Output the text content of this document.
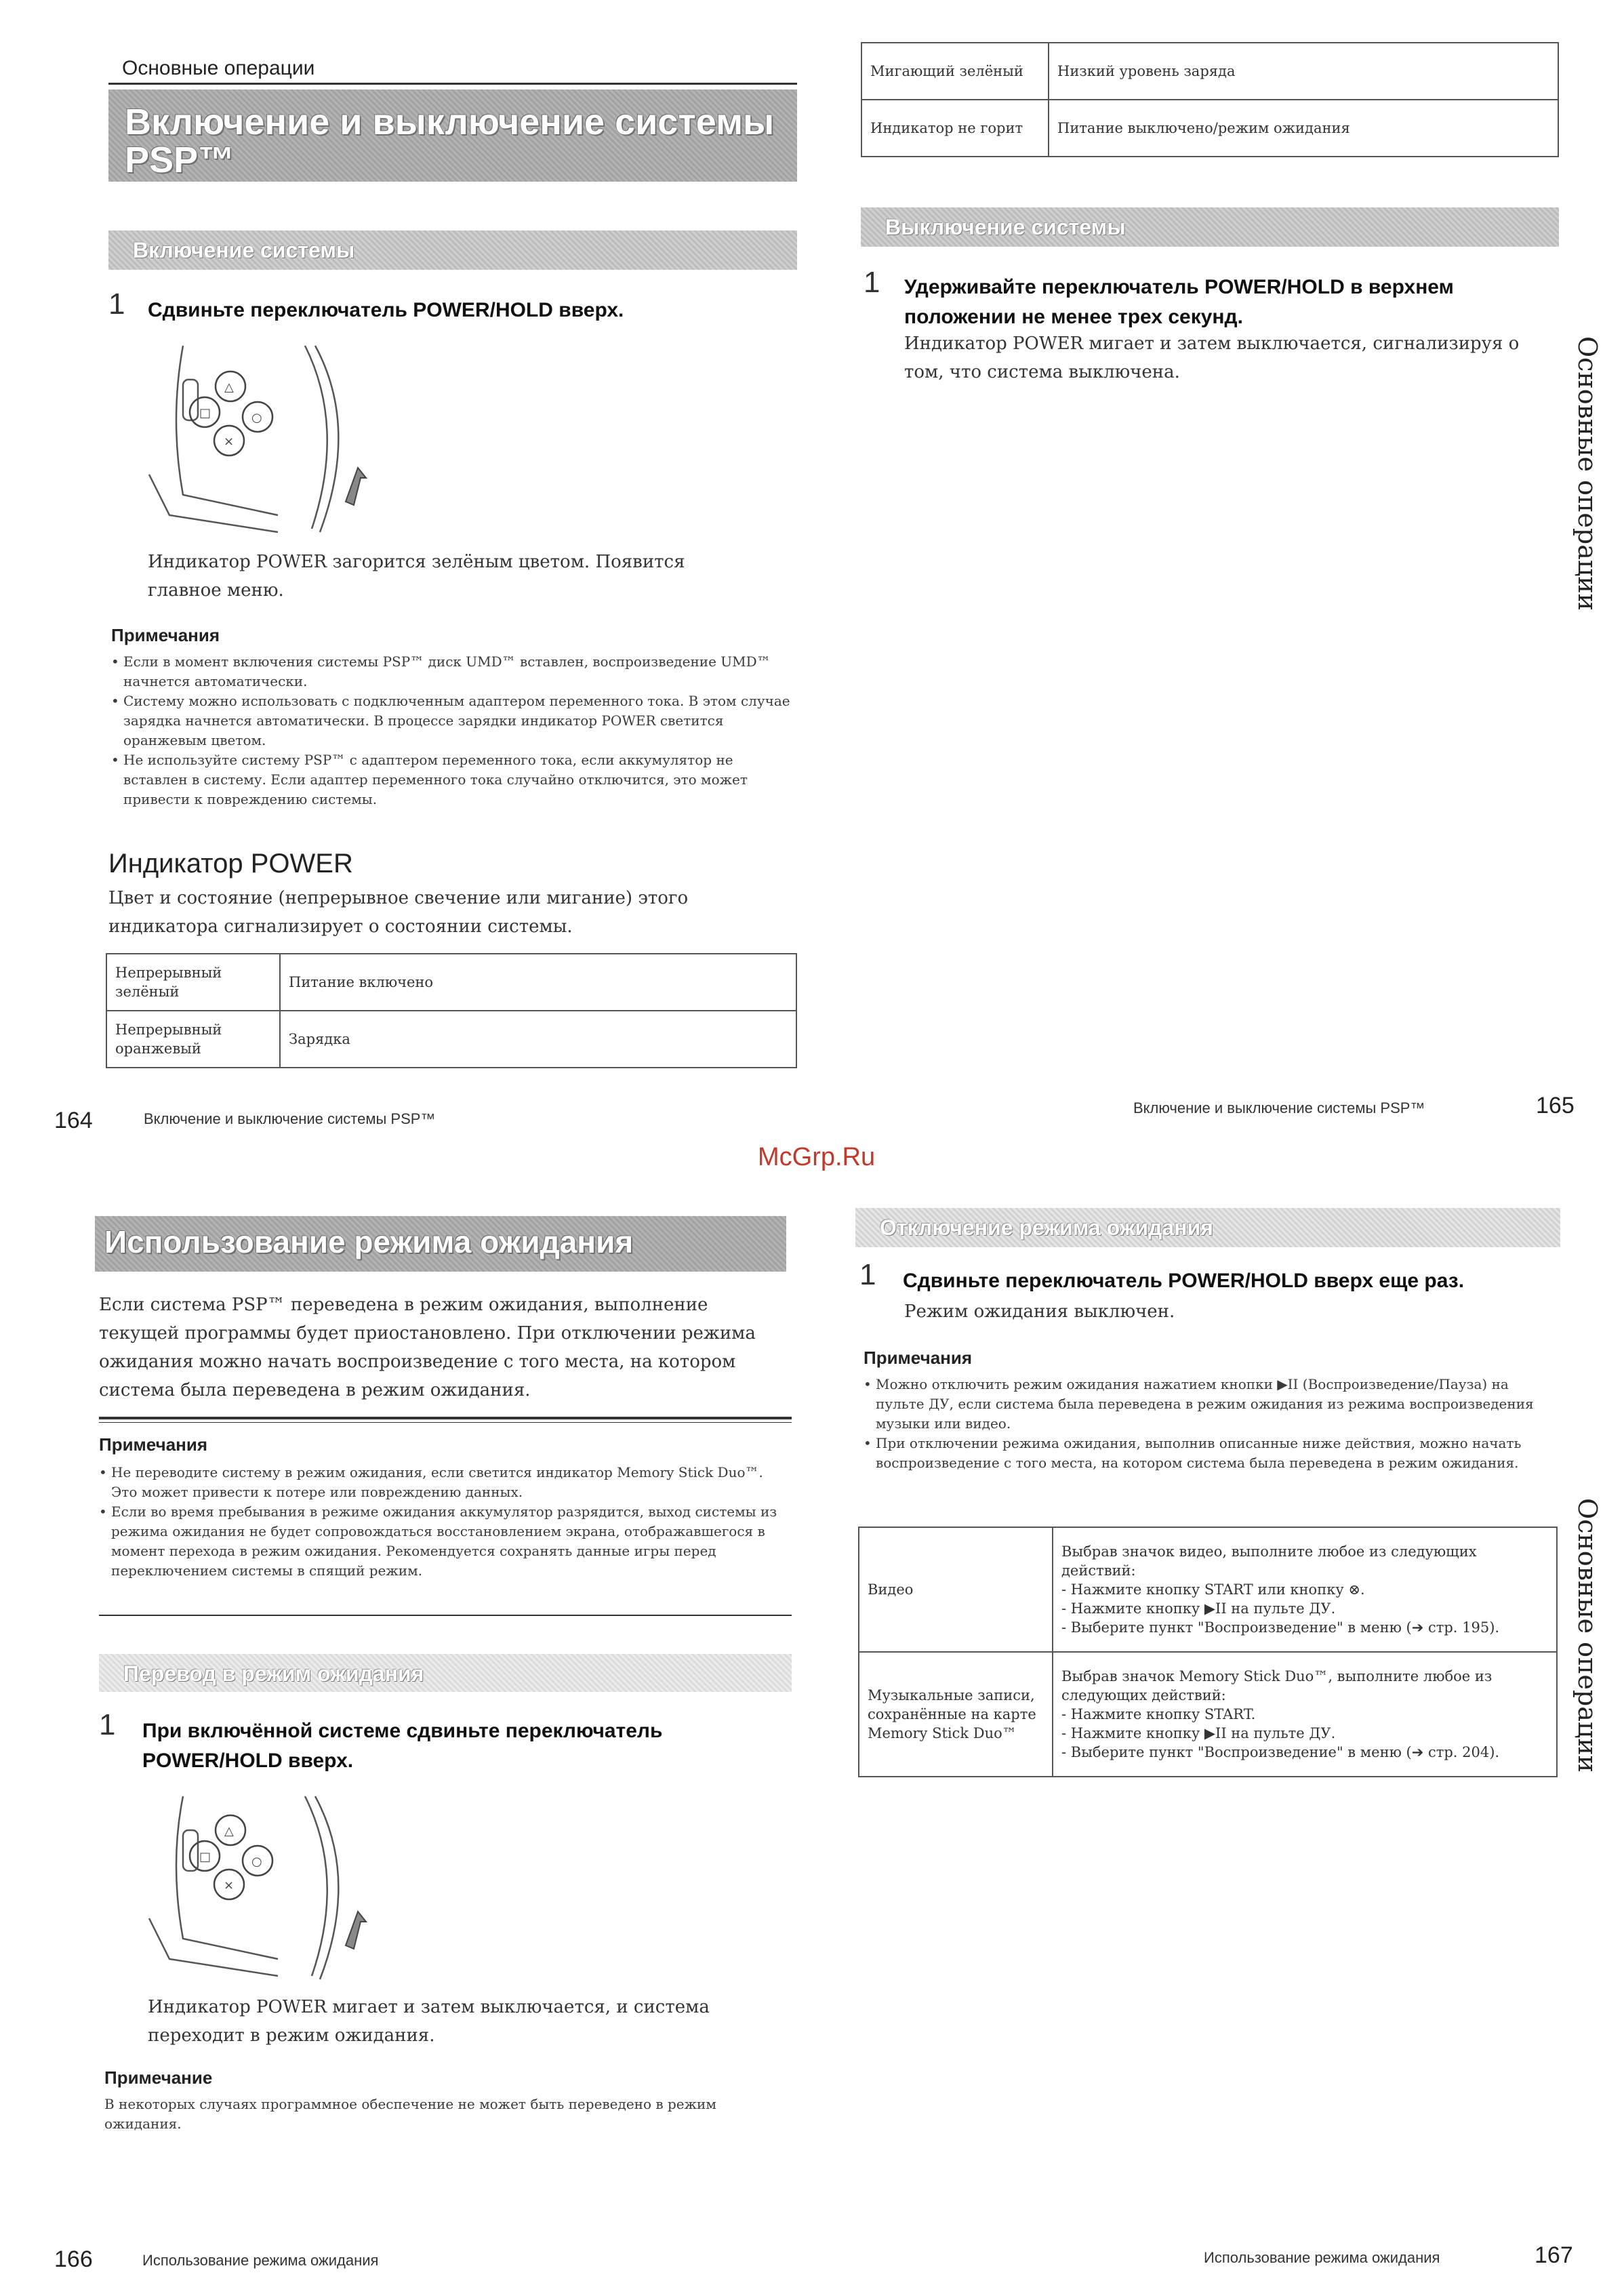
McGrp.Ru
Основные операции
Включение и выключение системы PSP™
Включение системы
1 Сдвиньте переключатель POWER/HOLD вверх.
△
□	○
×
Индикатор POWER загорится зелёным цветом. Появится главное меню.
Примечания

• Если в момент включения системы PSP™ диск UMD™ вставлен, воспроизведение UMD™ начнется автоматически.

• Систему можно использовать с подключенным адаптером переменного тока. В этом случае зарядка начнется автоматически. В процессе зарядки индикатор POWER светится оранжевым цветом.

• Не используйте систему PSP™ с адаптером переменного тока, если аккумулятор не вставлен в систему. Если адаптер переменного тока случайно отключится, это может привести к повреждению системы.

Индикатор POWER
Цвет и состояние (непрерывное свечение или мигание) этого индикатора сигнализирует о состоянии системы.
Непрерывный зелёный	Питание включено
Непрерывный оранжевый	Зарядка
164	Включение и выключение системы PSP™
Мигающий зелёный	Низкий уровень заряда
Индикатор не горит	Питание выключено/режим ожидания
Выключение системы
1 Удерживайте переключатель POWER/HOLD в верхнем положении не менее трех секунд.
Индикатор POWER мигает и затем выключается, сигнализируя о том, что система выключена.	Основные операции
Включение и выключение системы PSP™	165
Использование режима ожидания
Если система PSP™ переведена в режим ожидания, выполнение текущей программы будет приостановлено. При отключении режима ожидания можно начать воспроизведение с того места, на котором система была переведена в режим ожидания.
Примечания

• Не переводите систему в режим ожидания, если светится индикатор Memory Stick Duo™. Это может привести к потере или повреждению данных.

• Если во время пребывания в режиме ожидания аккумулятор разрядится, выход системы из режима ожидания не будет сопровождаться восстановлением экрана, отображавшегося в момент перехода в режим ожидания. Рекомендуется сохранять данные игры перед переключением системы в спящий режим.

Перевод в режим ожидания
1 При включённой системе сдвиньте переключатель POWER/HOLD вверх.
△
□	○
×
Индикатор POWER мигает и затем выключается, и система переходит в режим ожидания.
Примечание
В некоторых случаях программное обеспечение не может быть переведено в режим ожидания.
166	Использование режима ожидания
Отключение режима ожидания
1 Сдвиньте переключатель POWER/HOLD вверх еще раз.
Режим ожидания выключен.
Примечания

• Можно отключить режим ожидания нажатием кнопки ▶II (Воспроизведение/Пауза) на пульте ДУ, если система была переведена в режим ожидания из режима воспроизведения музыки или видео.

• При отключении режима ожидания, выполнив описанные ниже действия, можно начать воспроизведение с того места, на котором система была переведена в режим ожидания.

Видео	Выбрав значок видео, выполните любое из следующих действий:
- Нажмите кнопку START или кнопку ⊗.
- Нажмите кнопку ▶II на пульте ДУ.
- Выберите пункт "Воспроизведение" в меню (➔ стр. 195).

Музыкальные записи, сохранённые на карте Memory Stick Duo™	Выбрав значок Memory Stick Duo™, выполните любое из следующих действий:
- Нажмите кнопку START.
- Нажмите кнопку ▶II на пульте ДУ.
- Выберите пункт "Воспроизведение" в меню (➔ стр. 204).	Основные операции
Использование режима ожидания	167
